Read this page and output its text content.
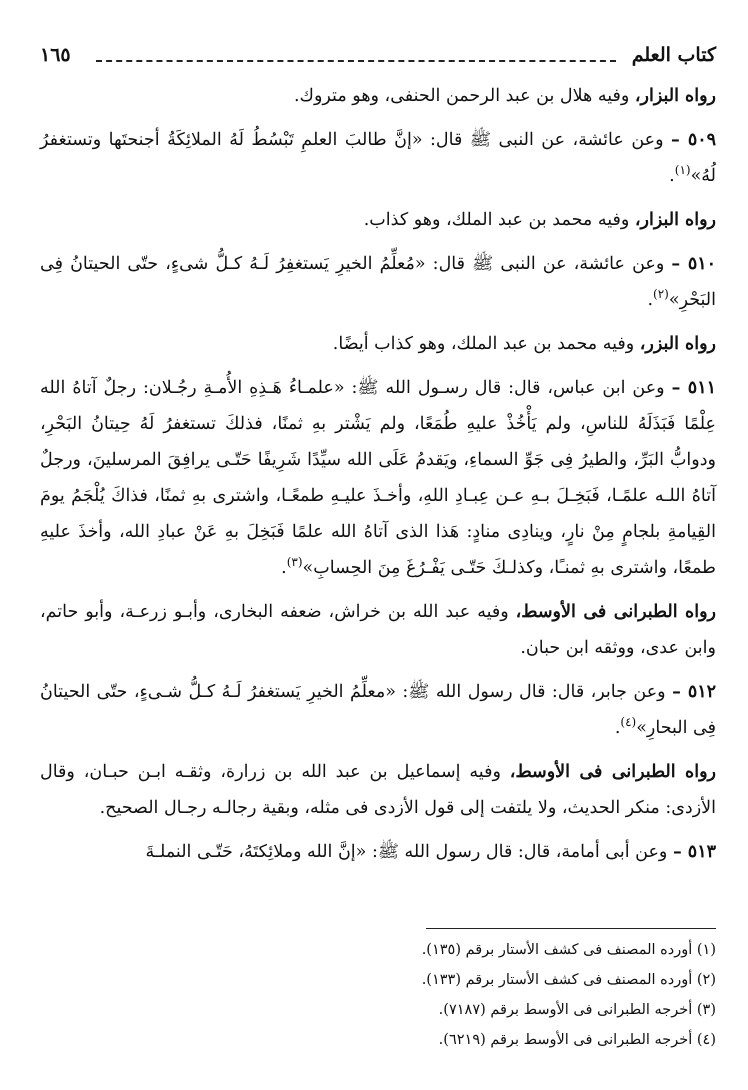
كتاب العلم
١٦٥

رواه البزار، وفيه هلال بن عبد الرحمن الحنفى، وهو متروك.

٥٠٩ – وعن عائشة، عن النبى ﷺ قال: «إنَّ طالبَ العلمِ تَبْسُطُ لَهُ الملائِكَةُ أجنحتَها وتستغفرُ لُهُ»$^{(١)}$.

رواه البزار، وفيه محمد بن عبد الملك، وهو كذاب.

٥١٠ – وعن عائشة، عن النبى ﷺ قال: «مُعلِّمُ الخيرِ يَستغفِرُ لَـهُ كـلُّ شىءٍ، حتّى الحيتانُ فِى البَحْرِ»$^{(٢)}$.

رواه البزر، وفيه محمد بن عبد الملك، وهو كذاب أيضًا.

٥١١ – وعن ابن عباس، قال: قال رسـول الله ﷺ: «علمـاءُ هَـذِهِ الأُمـةِ رجُـلان: رجلٌ آتاهُ الله عِلْمًا فَبَذَلَهُ للناسِ، ولم يَأْخُذْ عليهِ طُمَعًا، ولم يَشْتر بهِ ثمنًا، فذلكَ تستغفرُ لَهُ حِيتانُ البَحْرِ، ودوابُّ البَرِّ، والطيرُ فِى جَوِّ السماءِ، ويَقدمُ عَلَى الله سيِّدًا شَرِيفًا حَتّـى يرافِقَ المرسلينَ، ورجلٌ آتاهُ اللـه علمًـا، فَبَخِـلَ بـهِ عـن عِبـادِ اللهِ، وأخـذَ عليـهِ طمعًـا، واشترى بهِ ثمنًا، فذاكَ يُلْجَمُ يومَ القِيامةِ بلجامٍ مِنْ نارٍ، وينادِى منادٍ: هَذا الذى آتاهُ الله علمًا فَبَخِلَ بهِ عَنْ عبادِ الله، وأخذَ عليهِ طمعًا، واشترى بهِ ثمنـًا، وكذلـكَ حَتّـى يَفْـرُغَ مِنَ الحِسابِ»$^{(٣)}$.

رواه الطبرانى فى الأوسط، وفيه عبد الله بن خراش، ضعفه البخارى، وأبـو زرعـة، وأبو حاتم، وابن عدى، ووثقه ابن حبان.

٥١٢ – وعن جابر، قال: قال رسول الله ﷺ: «معلِّمُ الخيرِ يَستغفرُ لَـهُ كـلُّ شـىءٍ، حتّى الحيتانُ فِى البحارِ»$^{(٤)}$.

رواه الطبرانى فى الأوسط، وفيه إسماعيل بن عبد الله بن زرارة، وثقـه ابـن حبـان، وقال الأزدى: منكر الحديث، ولا يلتفت إلى قول الأزدى فى مثله، وبقية رجالـه رجـال الصحيح.

٥١٣ – وعن أبى أمامة، قال: قال رسول الله ﷺ: «إنَّ الله وملائِكتَهُ، حَتّـى النملـةَ

(١) أورده المصنف فى كشف الأستار برقم (١٣٥).
(٢) أورده المصنف فى كشف الأستار برقم (١٣٣).
(٣) أخرجه الطبرانى فى الأوسط برقم (٧١٨٧).
(٤) أخرجه الطبرانى فى الأوسط برقم (٦٢١٩).
